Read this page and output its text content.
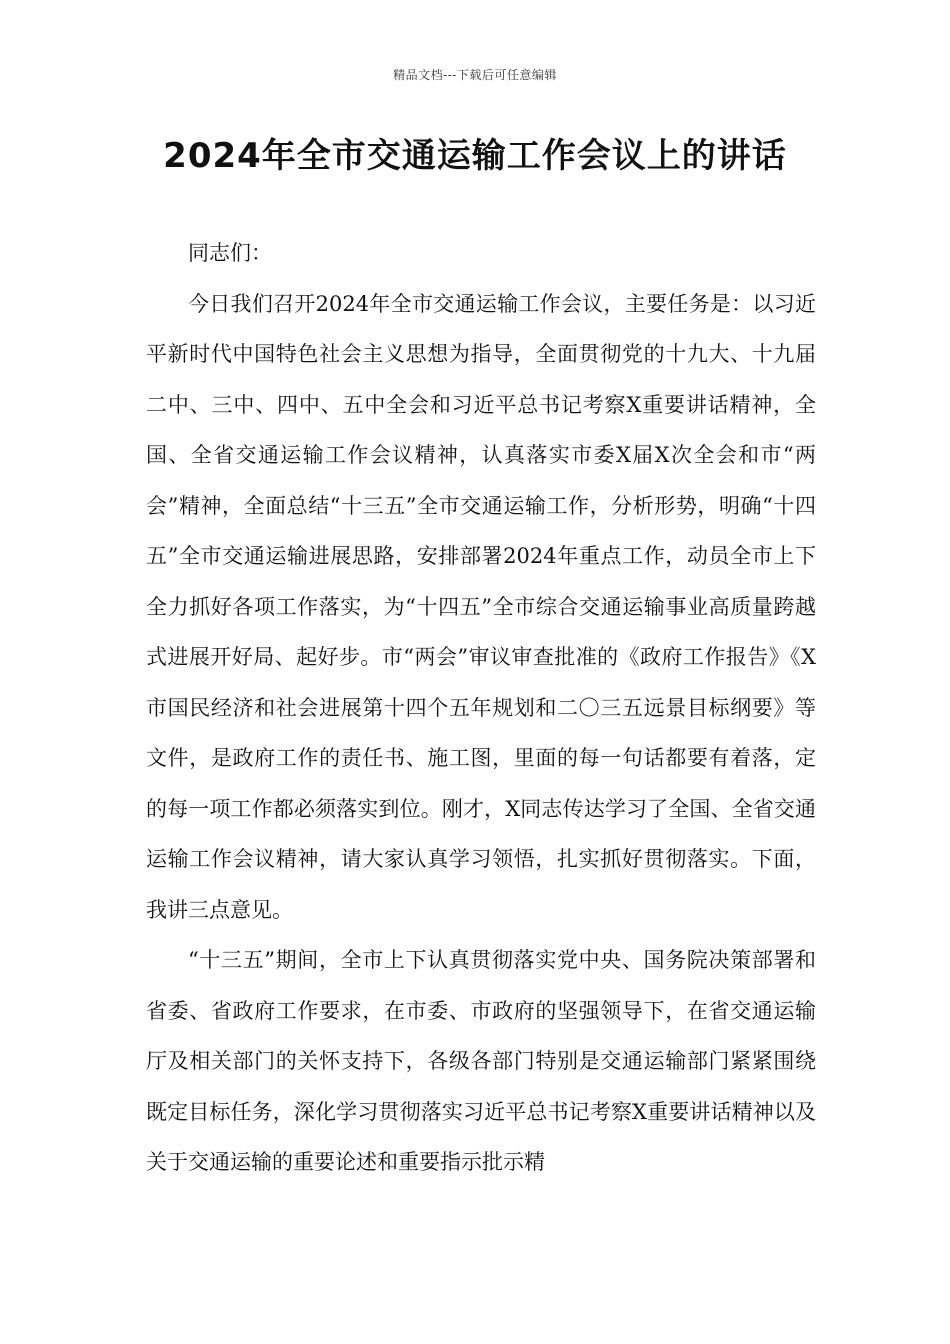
精品文档---下载后可任意编辑
2024年全市交通运输工作会议上的讲话

同志们：

今日我们召开2024年全市交通运输工作会议，主要任务是：以习近平新时代中国特色社会主义思想为指导，全面贯彻党的十九大、十九届二中、三中、四中、五中全会和习近平总书记考察X重要讲话精神，全国、全省交通运输工作会议精神，认真落实市委X届X次全会和市“两会”精神，全面总结“十三五”全市交通运输工作，分析形势，明确“十四五”全市交通运输进展思路，安排部署2024年重点工作，动员全市上下全力抓好各项工作落实，为“十四五”全市综合交通运输事业高质量跨越式进展开好局、起好步。市“两会”审议审查批准的《政府工作报告》《X市国民经济和社会进展第十四个五年规划和二〇三五远景目标纲要》等文件，是政府工作的责任书、施工图，里面的每一句话都要有着落，定的每一项工作都必须落实到位。刚才，X同志传达学习了全国、全省交通运输工作会议精神，请大家认真学习领悟，扎实抓好贯彻落实。下面，我讲三点意见。

“十三五”期间，全市上下认真贯彻落实党中央、国务院决策部署和省委、省政府工作要求，在市委、市政府的坚强领导下，在省交通运输厅及相关部门的关怀支持下，各级各部门特别是交通运输部门紧紧围绕既定目标任务，深化学习贯彻落实习近平总书记考察X重要讲话精神以及关于交通运输的重要论述和重要指示批示精
